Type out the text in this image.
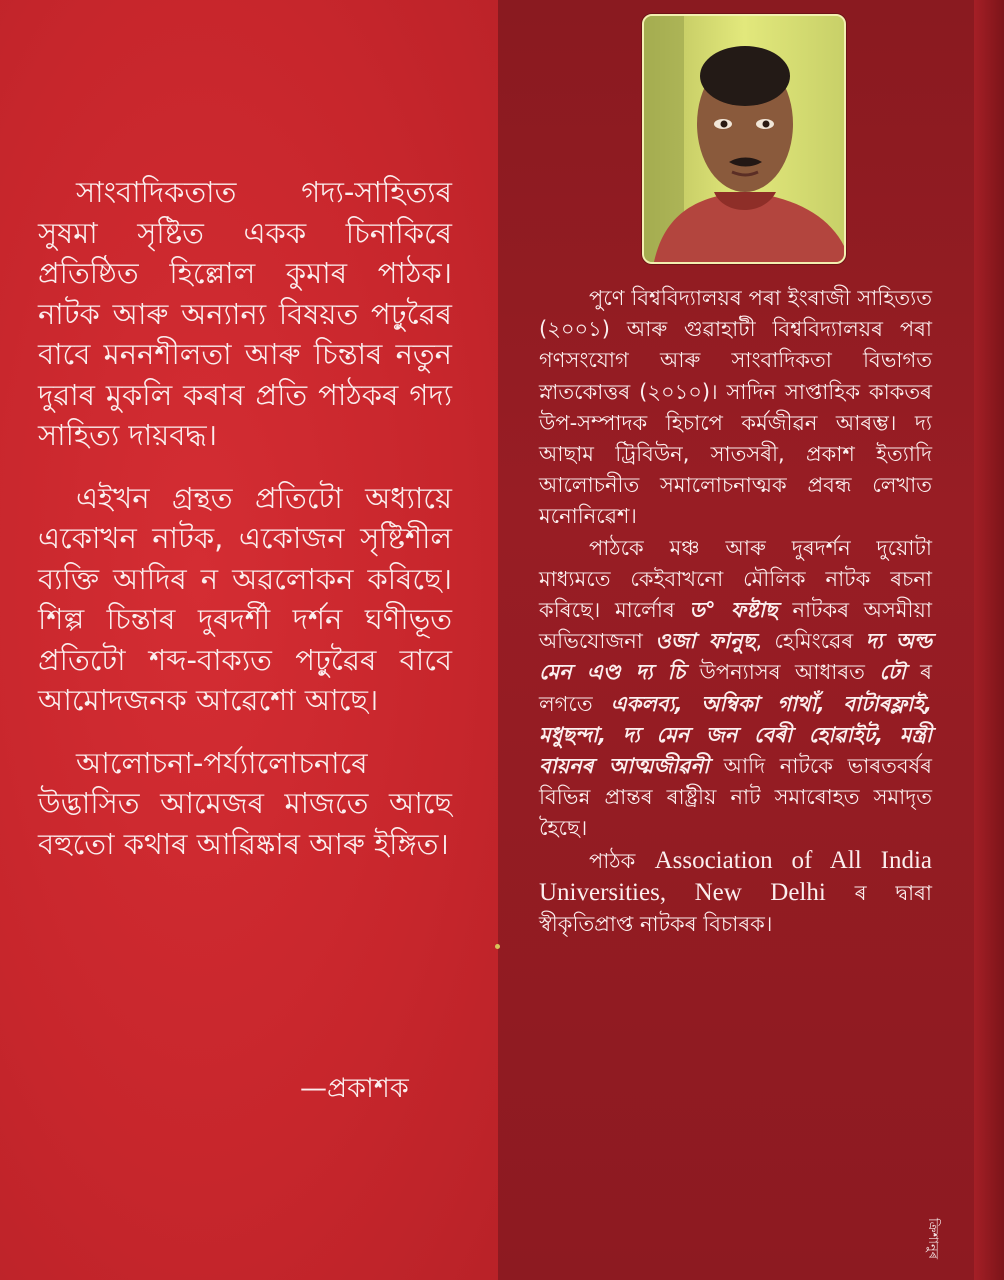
সাংবাদিকতাত গদ্য-সাহিত্যৰ সুষমা সৃষ্টিত একক চিনাকিৰে প্ৰতিষ্ঠিত হিল্লোল কুমাৰ পাঠক। নাটক আৰু অন্যান্য বিষয়ত পঢ়ুৱৈৰ বাবে মননশীলতা আৰু চিন্তাৰ নতুন দুৱাৰ মুকলি কৰাৰ প্ৰতি পাঠকৰ গদ্য সাহিত্য দায়বদ্ধ।

এইখন গ্ৰন্থত প্ৰতিটো অধ্যায়ে একোখন নাটক, একোজন সৃষ্টিশীল ব্যক্তি আদিৰ ন অৱলোকন কৰিছে। শিল্প চিন্তাৰ দুৰদৰ্শী দৰ্শন ঘণীভূত প্ৰতিটো শব্দ-বাক্যত পঢ়ুৱৈৰ বাবে আমোদজনক আৱেশো আছে।

আলোচনা-পৰ্য্যালোচনাৰে উদ্ভাসিত আমেজৰ মাজতে আছে বহুতো কথাৰ আৱিষ্কাৰ আৰু ইঙ্গিত।

—প্ৰকাশক

পুণে বিশ্ববিদ্যালয়ৰ পৰা ইংৰাজী সাহিত্যত (২০০১) আৰু গুৱাহাটী বিশ্ববিদ্যালয়ৰ পৰা গণসংযোগ আৰু সাংবাদিকতা বিভাগত স্নাতকোত্তৰ (২০১০)। সাদিন সাপ্তাহিক কাকতৰ উপ-সম্পাদক হিচাপে কৰ্মজীৱন আৰম্ভ। দ্য আছাম ট্ৰিবিউন, সাতসৰী, প্ৰকাশ ইত্যাদি আলোচনীত সমালোচনাত্মক প্ৰবন্ধ লেখাত মনোনিৱেশ।

পাঠকে মঞ্চ আৰু দুৰদৰ্শন দুয়োটা মাধ্যমতে কেইবাখনো মৌলিক নাটক ৰচনা কৰিছে। মাৰ্লোৰ ড° ফষ্টাছ নাটকৰ অসমীয়া অভিযোজনা ওজা ফানুছ, হেমিংৱেৰ দ্য অল্ড মেন এণ্ড দ্য চি উপন্যাসৰ আধাৰত ঢৌ ৰ লগতে একলব্য, অম্বিকা গাথাঁ, বাটাৰফ্লাই, মধুছন্দা, দ্য মেন জন বেৰী হোৱাইট, মন্ত্ৰী বায়নৰ আত্মজীৱনী আদি নাটকে ভাৰতবৰ্ষৰ বিভিন্ন প্ৰান্তৰ ৰাষ্ট্ৰীয় নাট সমাৰোহত সমাদৃত হৈছে।

পাঠক Association of All India Universities, New Delhi ৰ দ্বাৰা স্বীকৃতিপ্ৰাপ্ত নাটকৰ বিচাৰক।

ক্ৰিশানুৰ
